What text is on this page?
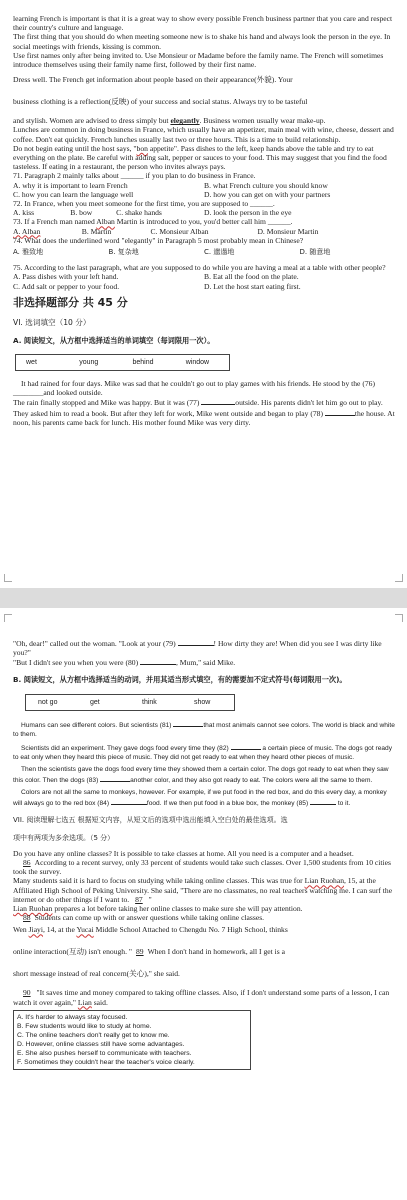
learning French is important is that it is a great way to show every possible French business partner that you care and respect their country's culture and language.

The first thing that you should do when meeting someone new is to shake his hand and always look the person in the eye. In social meetings with friends, kissing is common.

Use first names only after being invited to. Use Monsieur or Madame before the family name. The French will sometimes introduce themselves using their family name first, followed by their first name.

Dress well. The French get information about people based on their appearance(外貌). Your

business clothing is a reflection(反映) of your success and social status. Always try to be tasteful

and stylish. Women are advised to dress simply but elegantly. Business women usually wear make-up.

Lunches are common in doing business in France, which usually have an appetizer, main meal with wine, cheese, dessert and coffee. Don't eat quickly. French lunches usually last two or three hours. This is a time to build relationship.

Do not begin eating until the host says, "bon appetite". Pass dishes to the left, keep hands above the table and try to eat everything on the plate. Be careful with adding salt, pepper or sauces to your food. This may suggest that you find the food tasteless. If eating in a restaurant, the person who invites always pays.

71. Paragraph 2 mainly talks about ______ if you plan to do business in France.

A. why it is important to learn French	B. what French culture you should know
C. how you can learn the language well	D. how you can get on with your partners

72. In France, when you meet someone for the first time, you are supposed to ______.

A. kiss	B. bow	C. shake hands	D. look the person in the eye

73. If a French man named Alban Martin is introduced to you, you'd better call him ______.

A. Alban	B. Martin	C. Monsieur Alban	D. Monsieur Martin

74. What does the underlined word "elegantly" in Paragraph 5 most probably mean in Chinese?

A. 雅致地	B. 复杂地	C. 邋遢地	D. 随意地

75. According to the last paragraph, what are you supposed to do while you are having a meal at a table with other people?

A. Pass dishes with your left hand.	B. Eat all the food on the plate.
C. Add salt or pepper to your food.	D. Let the host start eating first.

非选择题部分 共 45 分

VI. 选词填空（10 分）

A. 阅读短文，从方框中选择适当的单词填空（每词限用一次）。

wet	young	behind	window

It had rained for four days. Mike was sad that he couldn't go out to play games with his friends. He stood by the (76) ________and looked outside.

The rain finally stopped and Mike was happy. But it was (77)	outside. His parents didn't let him go out to play. They asked him to read a book. But after they left for work, Mike went outside and began to play (78)	the house. At noon, his parents came back for lunch. His mother found Mike was very dirty.

"Oh, dear!" called out the woman. "Look at your (79)	! How dirty they are! When did you see I was dirty like you?"

"But I didn't see you when you were (80)	, Mum," said Mike.

B. 阅读短文，从方框中选择适当的动词，并用其适当形式填空，有的需要加不定式符号(每词限用一次)。

not go	get	think	show

Humans can see different colors. But scientists (81)	that most animals cannot see colors. The world is black and white to them.

Scientists did an experiment. They gave dogs food every time they (82)	a certain piece of music. The dogs got ready to eat only when they heard this piece of music. They did not get ready to eat when they heard other pieces of music.

Then the scientists gave the dogs food every time they showed them a certain color. The dogs got ready to eat when they saw this color. Then the dogs (83)	another color, and they also got ready to eat. The colors were all the same to them.

Colors are not all the same to monkeys, however. For example, if we put food in the red box, and do this every day, a monkey will always go to the red box (84)	food. If we then put food in a blue box, the monkey (85)	to it.

VII. 阅读理解七选五 根据短文内容，从短文后的选项中选出能填入空白处的最佳选项。选

项中有两项为多余选项。（5 分）

Do you have any online classes? It is possible to take classes at home. All you need is a computer and a headset.

86 According to a recent survey, only 33 percent of students would take such classes. Over 1,500 students from 10 cities took the survey.

Many students said it is hard to focus on studying while taking online classes. This was true for Lian Ruohan, 15, at the Affiliated High School of Peking University. She said, "There are no classmates, no real teachers watching me. I can surf the internet or do other things if I want to. 87 "

Lian Ruohan prepares a lot before taking her online classes to make sure she will pay attention.

88 Students can come up with or answer questions while taking online classes.

Wen Jiayi, 14, at the Yucai Middle School Attached to Chengdu No. 7 High School, thinks

online interaction(互动) isn't enough. " 89 When I don't hand in homework, all I get is a

short message instead of real concern(关心)," she said.

90 "It saves time and money compared to taking offline classes. Also, if I don't understand some parts of a lesson, I can watch it over again," Lian said.

A. It's harder to always stay focused.

B. Few students would like to study at home.

C. The online teachers don't really get to know me.

D. However, online classes still have some advantages.

E. She also pushes herself to communicate with teachers.

F. Sometimes they couldn't hear the teacher's voice clearly.
